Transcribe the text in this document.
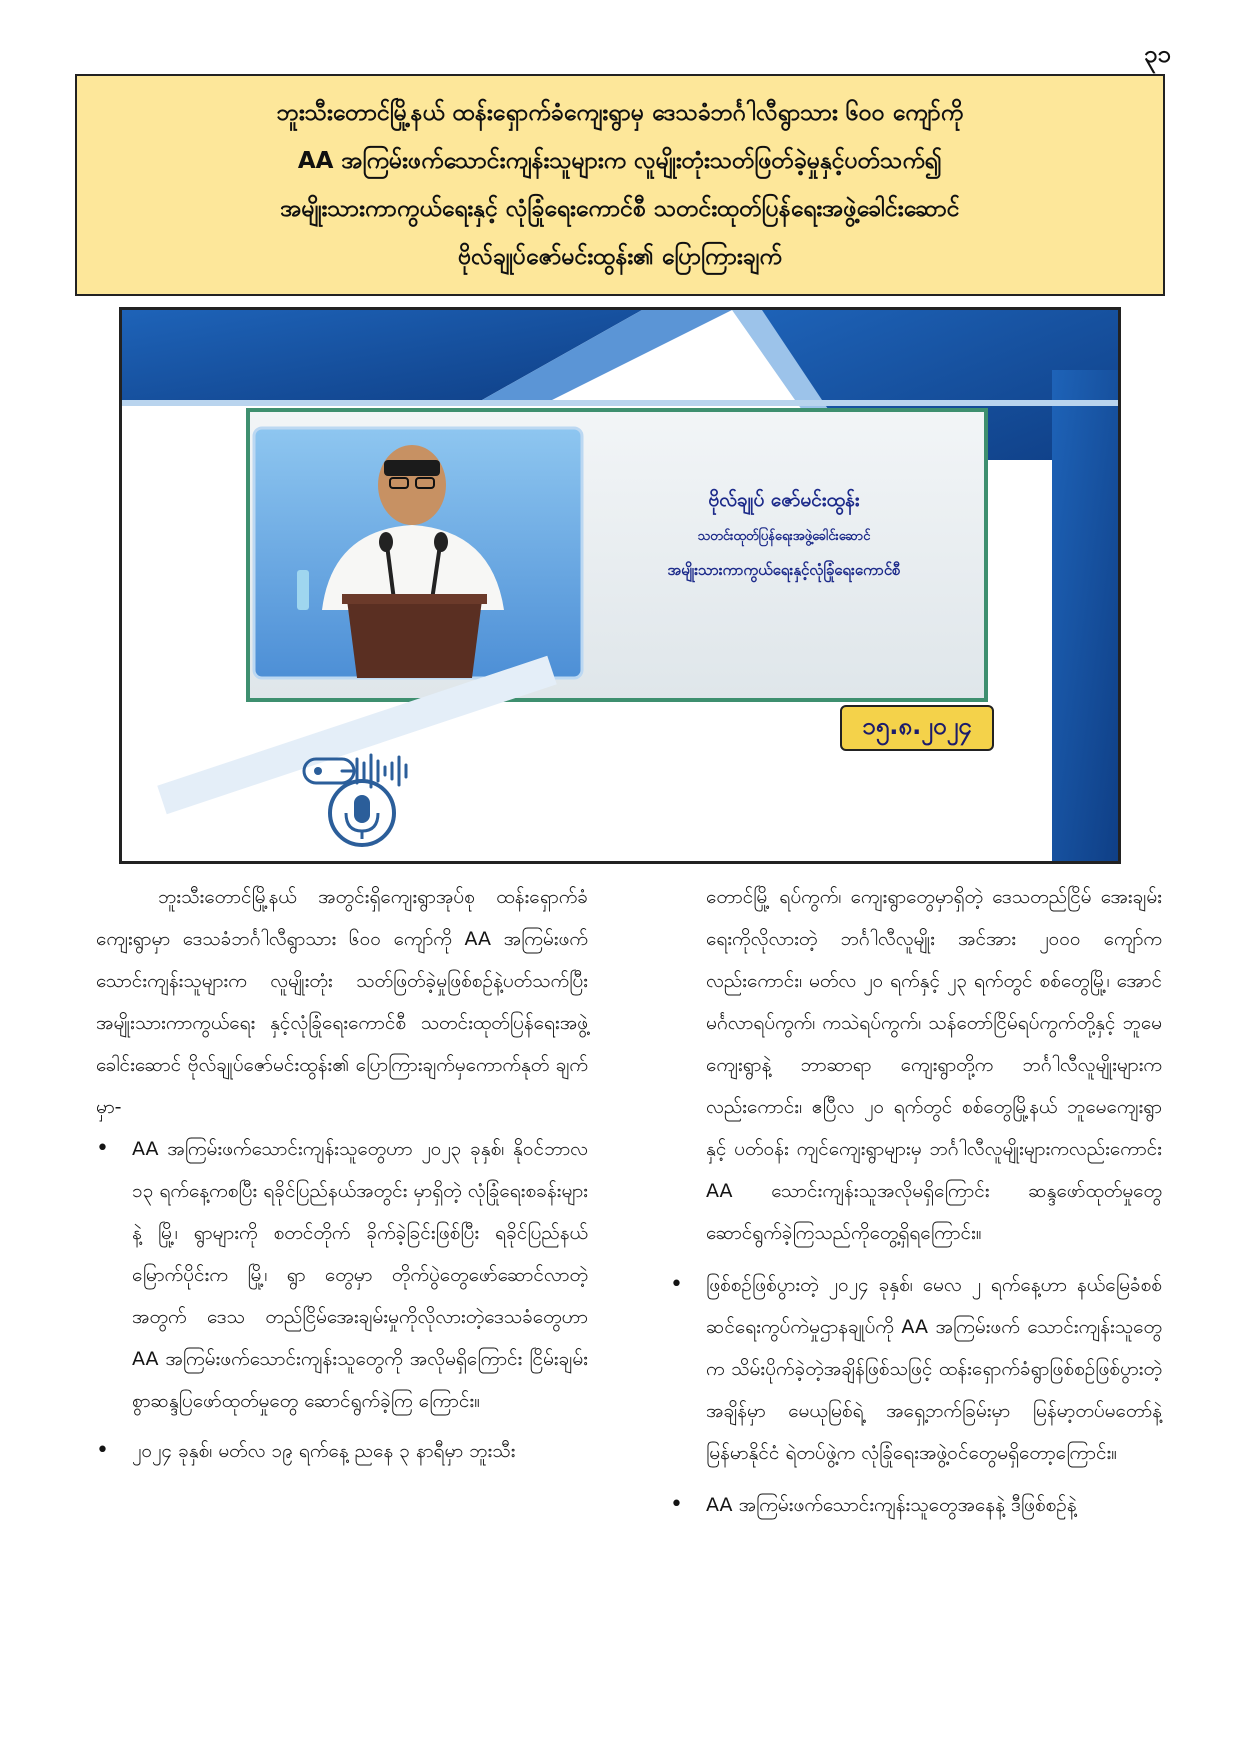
၃၁
ဘူးသီးတောင်မြို့နယ် ထန်းရှောက်ခံကျေးရွာမှ ဒေသခံဘင်္ဂါလီရွာသား ၆၀၀ ကျော်ကို
AA အကြမ်းဖက်သောင်းကျန်းသူများက လူမျိုးတုံးသတ်ဖြတ်ခဲ့မှုနှင့်ပတ်သက်၍
အမျိုးသားကာကွယ်ရေးနှင့် လုံခြုံရေးကောင်စီ သတင်းထုတ်ပြန်ရေးအဖွဲ့ခေါင်းဆောင်
ဗိုလ်ချုပ်ဇော်မင်းထွန်း၏ ပြောကြားချက်
ဗိုလ်ချုပ် ဇော်မင်းထွန်း
သတင်းထုတ်ပြန်ရေးအဖွဲ့ခေါင်းဆောင်
အမျိုးသားကာကွယ်ရေးနှင့်လုံခြုံရေးကောင်စီ
၁၅.၈.၂၀၂၄

ဘူးသီးတောင်မြို့နယ် အတွင်းရှိကျေးရွာအုပ်စု ထန်းရှောက်ခံကျေးရွာမှာ ဒေသခံဘင်္ဂါလီရွာသား ၆၀၀ ကျော်ကို AA အကြမ်းဖက်သောင်းကျန်းသူများက လူမျိုးတုံး သတ်ဖြတ်ခဲ့မှုဖြစ်စဉ်နဲ့ပတ်သက်ပြီး အမျိုးသားကာကွယ်ရေး နှင့်လုံခြုံရေးကောင်စီ သတင်းထုတ်ပြန်ရေးအဖွဲ့ ခေါင်းဆောင် ဗိုလ်ချုပ်ဇော်မင်းထွန်း၏ ပြောကြားချက်မှကောက်နုတ် ချက်မှာ-

• AA အကြမ်းဖက်သောင်းကျန်းသူတွေဟာ ၂၀၂၃ ခုနှစ်၊ နိုဝင်ဘာလ ၁၃ ရက်နေ့ကစပြီး ရခိုင်ပြည်နယ်အတွင်း မှာရှိတဲ့ လုံခြုံရေးစခန်းများနဲ့ မြို့၊ ရွာများကို စတင်တိုက် ခိုက်ခဲ့ခြင်းဖြစ်ပြီး ရခိုင်ပြည်နယ်မြောက်ပိုင်းက မြို့၊ ရွာ တွေမှာ တိုက်ပွဲတွေဖော်ဆောင်လာတဲ့အတွက် ဒေသ တည်ငြိမ်အေးချမ်းမှုကိုလိုလားတဲ့ဒေသခံတွေဟာ AA အကြမ်းဖက်သောင်းကျန်းသူတွေကို အလိုမရှိကြောင်း ငြိမ်းချမ်းစွာဆန္ဒပြဖော်ထုတ်မှုတွေ ဆောင်ရွက်ခဲ့ကြ ကြောင်း။
• ၂၀၂၄ ခုနှစ်၊ မတ်လ ၁၉ ရက်နေ့ ညနေ ၃ နာရီမှာ ဘူးသီး

တောင်မြို့ ရပ်ကွက်၊ ကျေးရွာတွေမှာရှိတဲ့ ဒေသတည်ငြိမ် အေးချမ်းရေးကိုလိုလားတဲ့ ဘင်္ဂါလီလူမျိုး အင်အား ၂၀၀၀ ကျော်ကလည်းကောင်း၊ မတ်လ ၂၀ ရက်နှင့် ၂၃ ရက်တွင် စစ်တွေမြို့၊ အောင်မင်္ဂလာရပ်ကွက်၊ ကသဲရပ်ကွက်၊ သန်တော်ငြိမ်ရပ်ကွက်တို့နှင့် ဘူမေကျေးရွာနဲ့ ဘာဆာရာ ကျေးရွာတို့က ဘင်္ဂါလီလူမျိုးများကလည်းကောင်း၊ ဧပြီလ ၂၀ ရက်တွင် စစ်တွေမြို့နယ် ဘူမေကျေးရွာနှင့် ပတ်ဝန်း ကျင်ကျေးရွာများမှ ဘင်္ဂါလီလူမျိုးများကလည်းကောင်း AA သောင်းကျန်းသူအလိုမရှိကြောင်း ဆန္ဒဖော်ထုတ်မှုတွေ ဆောင်ရွက်ခဲ့ကြသည်ကိုတွေ့ရှိရကြောင်း။

• ဖြစ်စဉ်ဖြစ်ပွားတဲ့ ၂၀၂၄ ခုနှစ်၊ မေလ ၂ ရက်နေ့ဟာ နယ်မြေခံစစ်ဆင်ရေးကွပ်ကဲမှုဌာနချုပ်ကို AA အကြမ်းဖက် သောင်းကျန်းသူတွေက သိမ်းပိုက်ခဲ့တဲ့အချိန်ဖြစ်သဖြင့် ထန်းရှောက်ခံရွာဖြစ်စဉ်ဖြစ်ပွားတဲ့အချိန်မှာ မေယုမြစ်ရဲ့ အရှေ့ဘက်ခြမ်းမှာ မြန်မာ့တပ်မတော်နဲ့ မြန်မာနိုင်ငံ ရဲတပ်ဖွဲ့က လုံခြုံရေးအဖွဲ့ဝင်တွေမရှိတော့ကြောင်း။
• AA အကြမ်းဖက်သောင်းကျန်းသူတွေအနေနဲ့ ဒီဖြစ်စဉ်နဲ့
